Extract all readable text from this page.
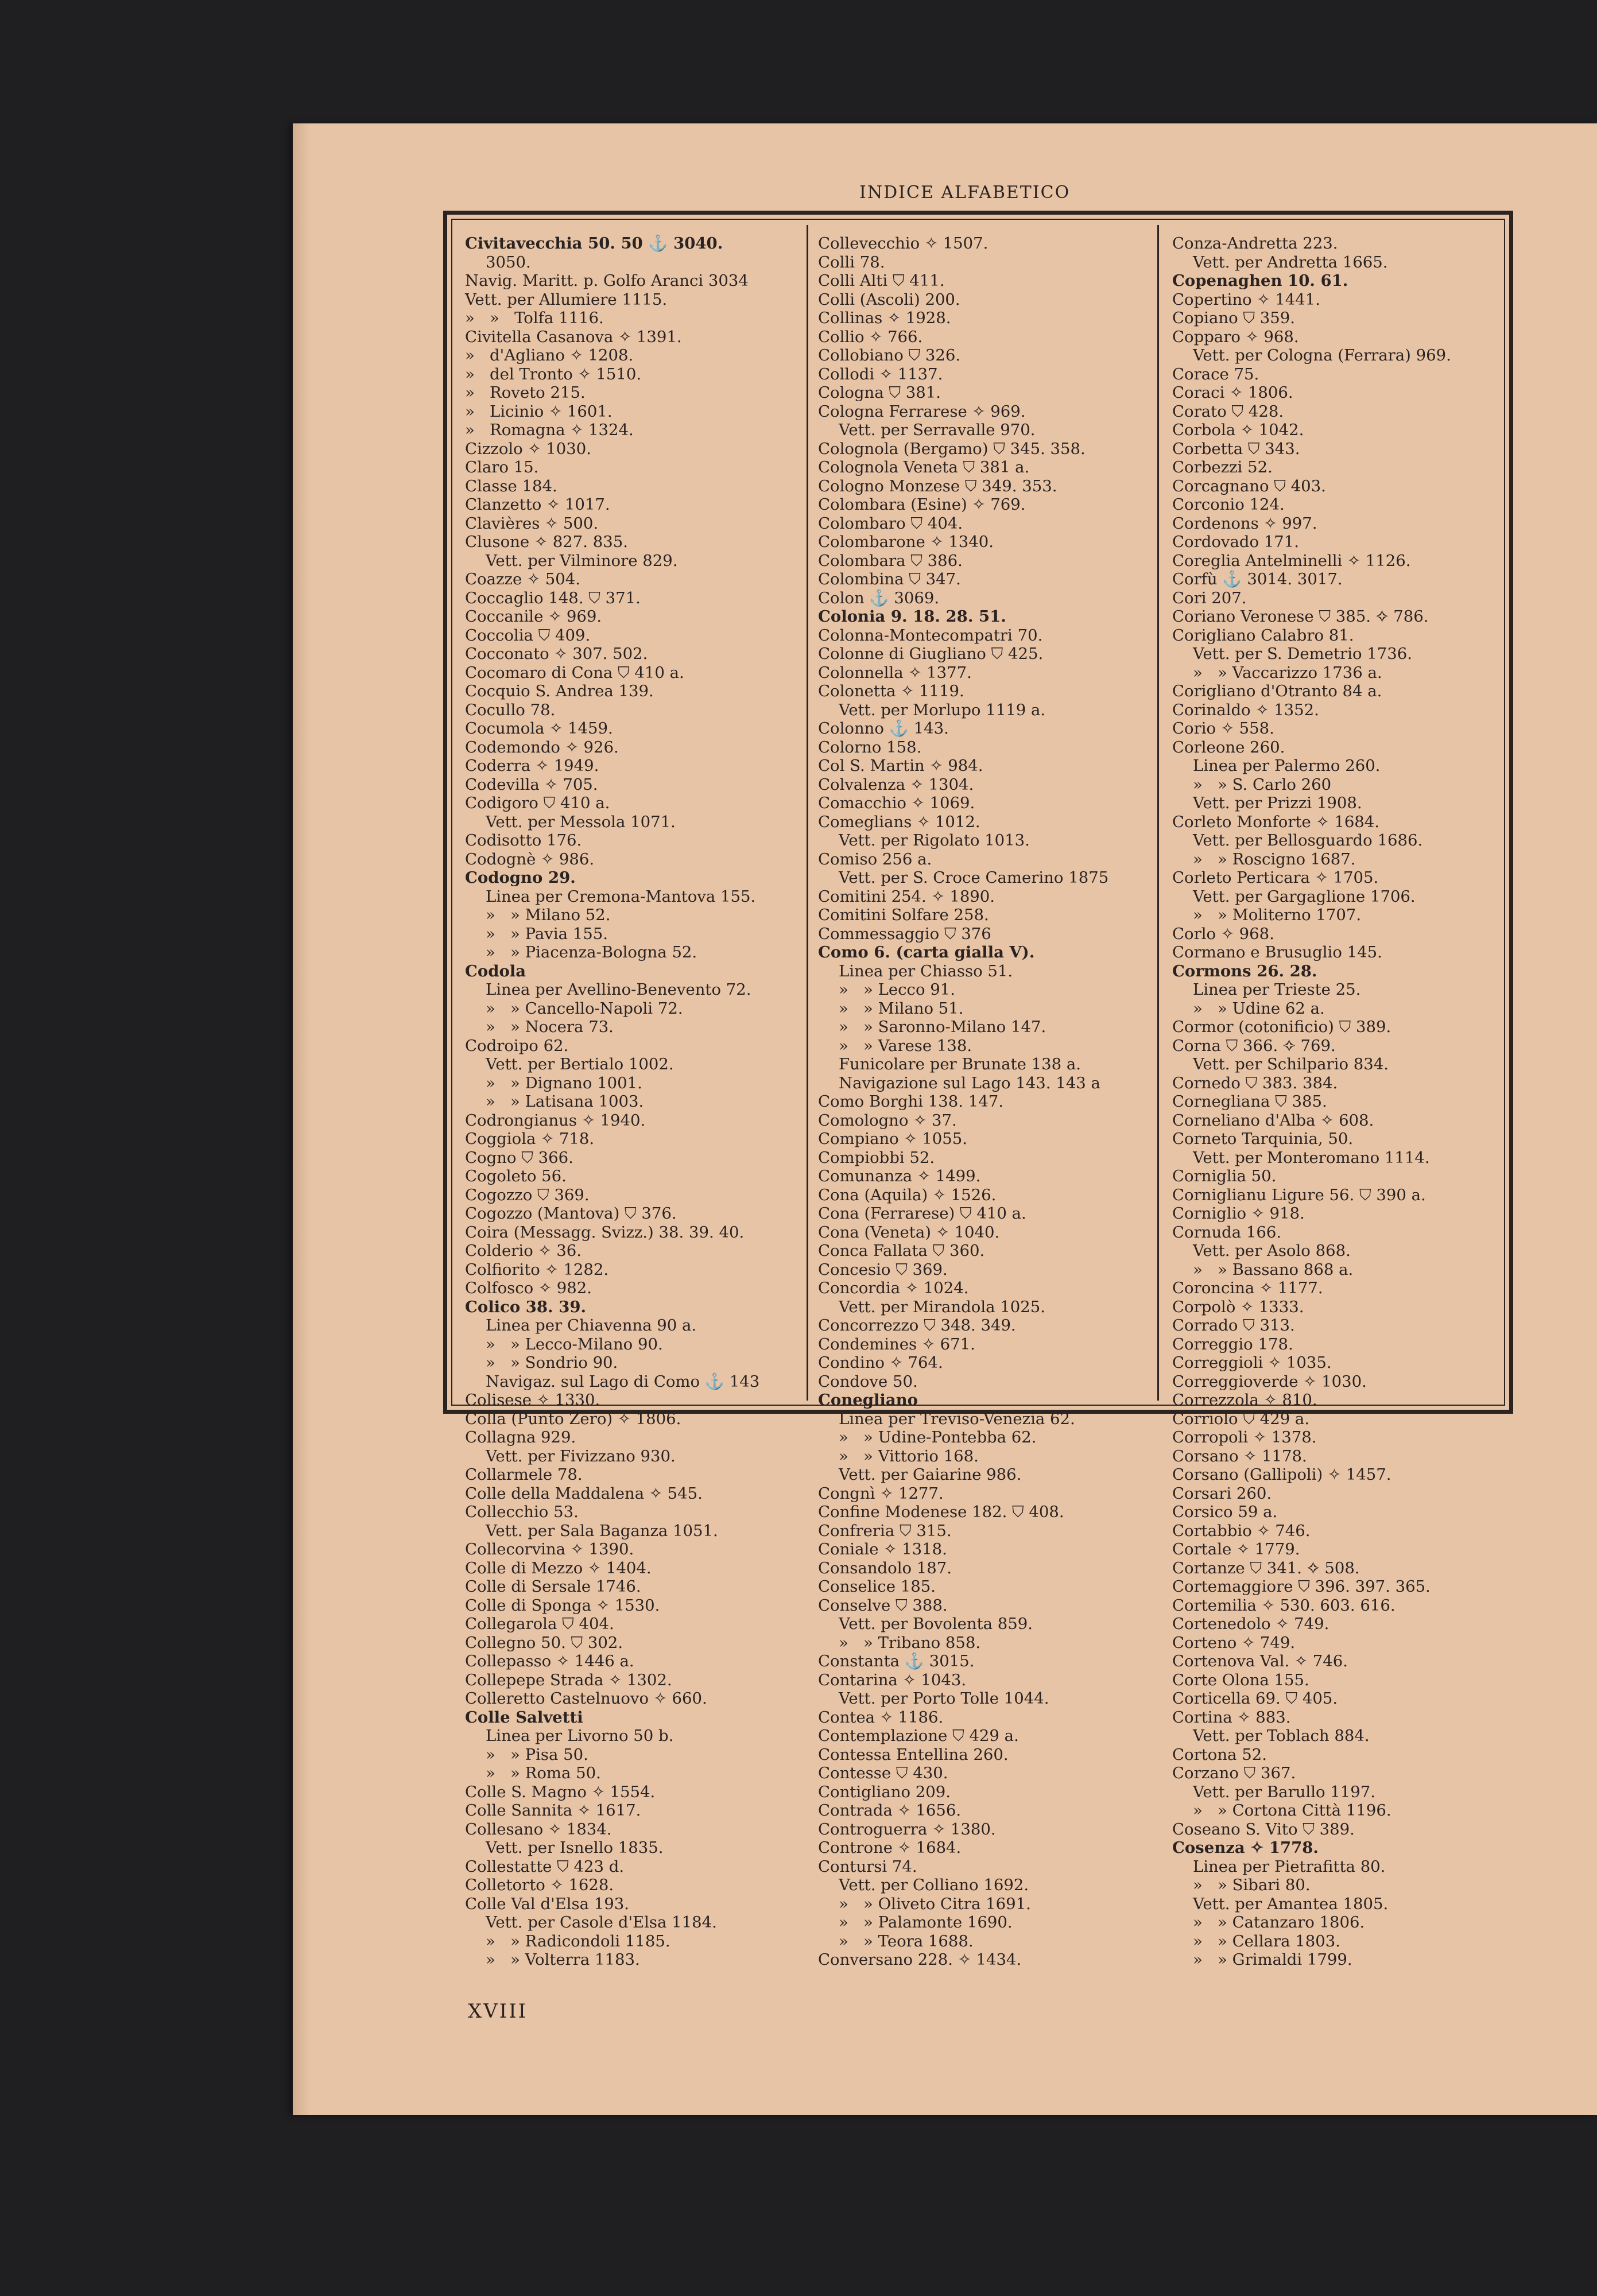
INDICE ALFABETICO
Civitavecchia 50. 50 ⚓ 3040.
3050.
Navig. Maritt. p. Golfo Aranci 3034
Vett. per Allumiere 1115.
»   »   Tolfa 1116.
Civitella Casanova ✧ 1391.
»   d'Agliano ✧ 1208.
»   del Tronto ✧ 1510.
»   Roveto 215.
»   Licinio ✧ 1601.
»   Romagna ✧ 1324.
Cizzolo ✧ 1030.
Claro 15.
Classe 184.
Clanzetto ✧ 1017.
Clavières ✧ 500.
Clusone ✧ 827. 835.
Vett. per Vilminore 829.
Coazze ✧ 504.
Coccaglio 148. ⛉ 371.
Coccanile ✧ 969.
Coccolia ⛉ 409.
Cocconato ✧ 307. 502.
Cocomaro di Cona ⛉ 410 a.
Cocquio S. Andrea 139.
Cocullo 78.
Cocumola ✧ 1459.
Codemondo ✧ 926.
Coderra ✧ 1949.
Codevilla ✧ 705.
Codigoro ⛉ 410 a.
Vett. per Messola 1071.
Codisotto 176.
Codognè ✧ 986.
Codogno 29.
Linea per Cremona-Mantova 155.
»   » Milano 52.
»   » Pavia 155.
»   » Piacenza-Bologna 52.
Codola
Linea per Avellino-Benevento 72.
»   » Cancello-Napoli 72.
»   » Nocera 73.
Codroipo 62.
Vett. per Bertialo 1002.
»   » Dignano 1001.
»   » Latisana 1003.
Codrongianus ✧ 1940.
Coggiola ✧ 718.
Cogno ⛉ 366.
Cogoleto 56.
Cogozzo ⛉ 369.
Cogozzo (Mantova) ⛉ 376.
Coira (Messagg. Svizz.) 38. 39. 40.
Colderio ✧ 36.
Colfiorito ✧ 1282.
Colfosco ✧ 982.
Colico 38. 39.
Linea per Chiavenna 90 a.
»   » Lecco-Milano 90.
»   » Sondrio 90.
Navigaz. sul Lago di Como ⚓ 143
Colisese ✧ 1330.
Colla (Punto Zero) ✧ 1806.
Collagna 929.
Vett. per Fivizzano 930.
Collarmele 78.
Colle della Maddalena ✧ 545.
Collecchio 53.
Vett. per Sala Baganza 1051.
Collecorvina ✧ 1390.
Colle di Mezzo ✧ 1404.
Colle di Sersale 1746.
Colle di Sponga ✧ 1530.
Collegarola ⛉ 404.
Collegno 50. ⛉ 302.
Collepasso ✧ 1446 a.
Collepepe Strada ✧ 1302.
Colleretto Castelnuovo ✧ 660.
Colle Salvetti
Linea per Livorno 50 b.
»   » Pisa 50.
»   » Roma 50.
Colle S. Magno ✧ 1554.
Colle Sannita ✧ 1617.
Collesano ✧ 1834.
Vett. per Isnello 1835.
Collestatte ⛉ 423 d.
Colletorto ✧ 1628.
Colle Val d'Elsa 193.
Vett. per Casole d'Elsa 1184.
»   » Radicondoli 1185.
»   » Volterra 1183.
Collevecchio ✧ 1507.
Colli 78.
Colli Alti ⛉ 411.
Colli (Ascoli) 200.
Collinas ✧ 1928.
Collio ✧ 766.
Collobiano ⛉ 326.
Collodi ✧ 1137.
Cologna ⛉ 381.
Cologna Ferrarese ✧ 969.
Vett. per Serravalle 970.
Colognola (Bergamo) ⛉ 345. 358.
Colognola Veneta ⛉ 381 a.
Cologno Monzese ⛉ 349. 353.
Colombara (Esine) ✧ 769.
Colombaro ⛉ 404.
Colombarone ✧ 1340.
Colombara ⛉ 386.
Colombina ⛉ 347.
Colon ⚓ 3069.
Colonia 9. 18. 28. 51.
Colonna-Montecompatri 70.
Colonne di Giugliano ⛉ 425.
Colonnella ✧ 1377.
Colonetta ✧ 1119.
Vett. per Morlupo 1119 a.
Colonno ⚓ 143.
Colorno 158.
Col S. Martin ✧ 984.
Colvalenza ✧ 1304.
Comacchio ✧ 1069.
Comeglians ✧ 1012.
Vett. per Rigolato 1013.
Comiso 256 a.
Vett. per S. Croce Camerino 1875
Comitini 254. ✧ 1890.
Comitini Solfare 258.
Commessaggio ⛉ 376
Como 6. (carta gialla V).
Linea per Chiasso 51.
»   » Lecco 91.
»   » Milano 51.
»   » Saronno-Milano 147.
»   » Varese 138.
Funicolare per Brunate 138 a.
Navigazione sul Lago 143. 143 a
Como Borghi 138. 147.
Comologno ✧ 37.
Compiano ✧ 1055.
Compiobbi 52.
Comunanza ✧ 1499.
Cona (Aquila) ✧ 1526.
Cona (Ferrarese) ⛉ 410 a.
Cona (Veneta) ✧ 1040.
Conca Fallata ⛉ 360.
Concesio ⛉ 369.
Concordia ✧ 1024.
Vett. per Mirandola 1025.
Concorrezzo ⛉ 348. 349.
Condemines ✧ 671.
Condino ✧ 764.
Condove 50.
Conegliano
Linea per Treviso-Venezia 62.
»   » Udine-Pontebba 62.
»   » Vittorio 168.
Vett. per Gaiarine 986.
Congnì ✧ 1277.
Confine Modenese 182. ⛉ 408.
Confreria ⛉ 315.
Coniale ✧ 1318.
Consandolo 187.
Conselice 185.
Conselve ⛉ 388.
Vett. per Bovolenta 859.
»   » Tribano 858.
Constanta ⚓ 3015.
Contarina ✧ 1043.
Vett. per Porto Tolle 1044.
Contea ✧ 1186.
Contemplazione ⛉ 429 a.
Contessa Entellina 260.
Contesse ⛉ 430.
Contigliano 209.
Contrada ✧ 1656.
Controguerra ✧ 1380.
Controne ✧ 1684.
Contursi 74.
Vett. per Colliano 1692.
»   » Oliveto Citra 1691.
»   » Palamonte 1690.
»   » Teora 1688.
Conversano 228. ✧ 1434.
Conza-Andretta 223.
Vett. per Andretta 1665.
Copenaghen 10. 61.
Copertino ✧ 1441.
Copiano ⛉ 359.
Copparo ✧ 968.
Vett. per Cologna (Ferrara) 969.
Corace 75.
Coraci ✧ 1806.
Corato ⛉ 428.
Corbola ✧ 1042.
Corbetta ⛉ 343.
Corbezzi 52.
Corcagnano ⛉ 403.
Corconio 124.
Cordenons ✧ 997.
Cordovado 171.
Coreglia Antelminelli ✧ 1126.
Corfù ⚓ 3014. 3017.
Cori 207.
Coriano Veronese ⛉ 385. ✧ 786.
Corigliano Calabro 81.
Vett. per S. Demetrio 1736.
»   » Vaccarizzo 1736 a.
Corigliano d'Otranto 84 a.
Corinaldo ✧ 1352.
Corio ✧ 558.
Corleone 260.
Linea per Palermo 260.
»   » S. Carlo 260
Vett. per Prizzi 1908.
Corleto Monforte ✧ 1684.
Vett. per Bellosguardo 1686.
»   » Roscigno 1687.
Corleto Perticara ✧ 1705.
Vett. per Gargaglione 1706.
»   » Moliterno 1707.
Corlo ✧ 968.
Cormano e Brusuglio 145.
Cormons 26. 28.
Linea per Trieste 25.
»   » Udine 62 a.
Cormor (cotonificio) ⛉ 389.
Corna ⛉ 366. ✧ 769.
Vett. per Schilpario 834.
Cornedo ⛉ 383. 384.
Cornegliana ⛉ 385.
Corneliano d'Alba ✧ 608.
Corneto Tarquinia, 50.
Vett. per Monteromano 1114.
Corniglia 50.
Corniglianu Ligure 56. ⛉ 390 a.
Corniglio ✧ 918.
Cornuda 166.
Vett. per Asolo 868.
»   » Bassano 868 a.
Coroncina ✧ 1177.
Corpolò ✧ 1333.
Corrado ⛉ 313.
Correggio 178.
Correggioli ✧ 1035.
Correggioverde ✧ 1030.
Correzzola ✧ 810.
Corriolo ⛉ 429 a.
Corropoli ✧ 1378.
Corsano ✧ 1178.
Corsano (Gallipoli) ✧ 1457.
Corsari 260.
Corsico 59 a.
Cortabbio ✧ 746.
Cortale ✧ 1779.
Cortanze ⛉ 341. ✧ 508.
Cortemaggiore ⛉ 396. 397. 365.
Cortemilia ✧ 530. 603. 616.
Cortenedolo ✧ 749.
Corteno ✧ 749.
Cortenova Val. ✧ 746.
Corte Olona 155.
Corticella 69. ⛉ 405.
Cortina ✧ 883.
Vett. per Toblach 884.
Cortona 52.
Corzano ⛉ 367.
Vett. per Barullo 1197.
»   » Cortona Città 1196.
Coseano S. Vito ⛉ 389.
Cosenza ✧ 1778.
Linea per Pietrafitta 80.
»   » Sibari 80.
Vett. per Amantea 1805.
»   » Catanzaro 1806.
»   » Cellara 1803.
»   » Grimaldi 1799.
XVIII
